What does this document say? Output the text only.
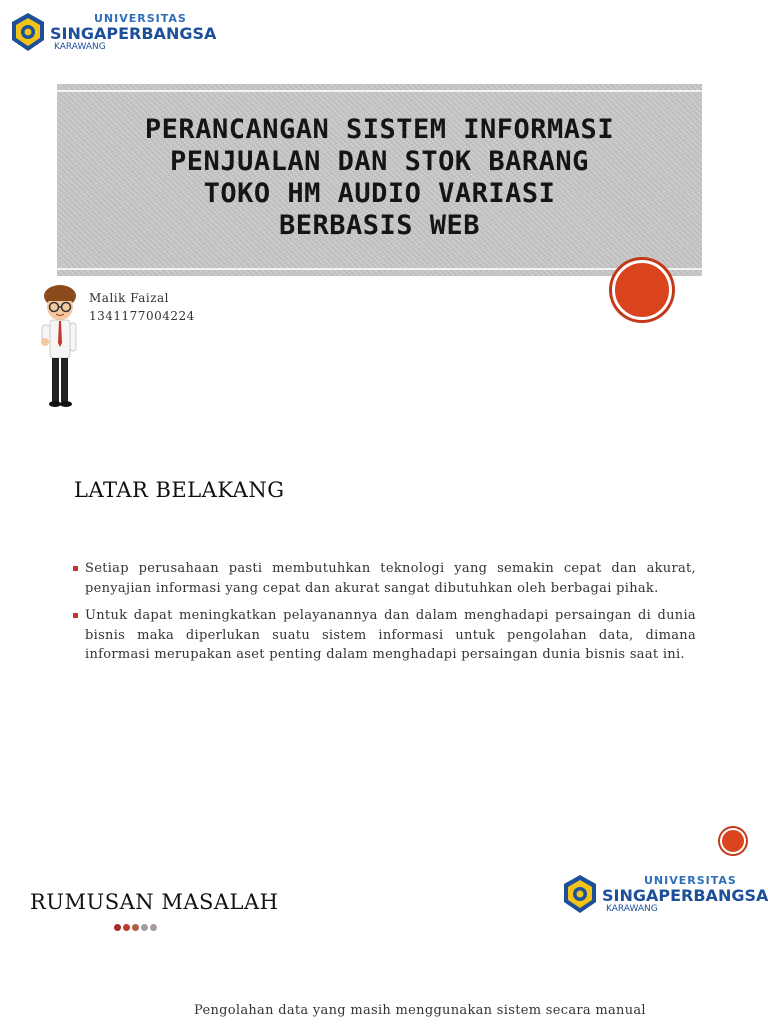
UNIVERSITAS
SINGAPERBANGSA
KARAWANG
PERANCANGAN SISTEM INFORMASI
PENJUALAN DAN STOK BARANG
TOKO HM AUDIO VARIASI
BERBASIS WEB
Malik Faizal
1341177004224
LATAR BELAKANG
Setiap perusahaan pasti membutuhkan teknologi yang semakin cepat dan akurat, penyajian informasi yang cepat dan akurat sangat dibutuhkan oleh berbagai pihak.
Untuk dapat meningkatkan pelayanannya dan dalam menghadapi persaingan di dunia bisnis maka diperlukan suatu sistem informasi untuk pengolahan data, dimana informasi merupakan aset penting dalam menghadapi persaingan dunia bisnis saat ini.
RUMUSAN MASALAH
UNIVERSITAS
SINGAPERBANGSA
KARAWANG
Pengolahan data yang masih menggunakan sistem secara manual
